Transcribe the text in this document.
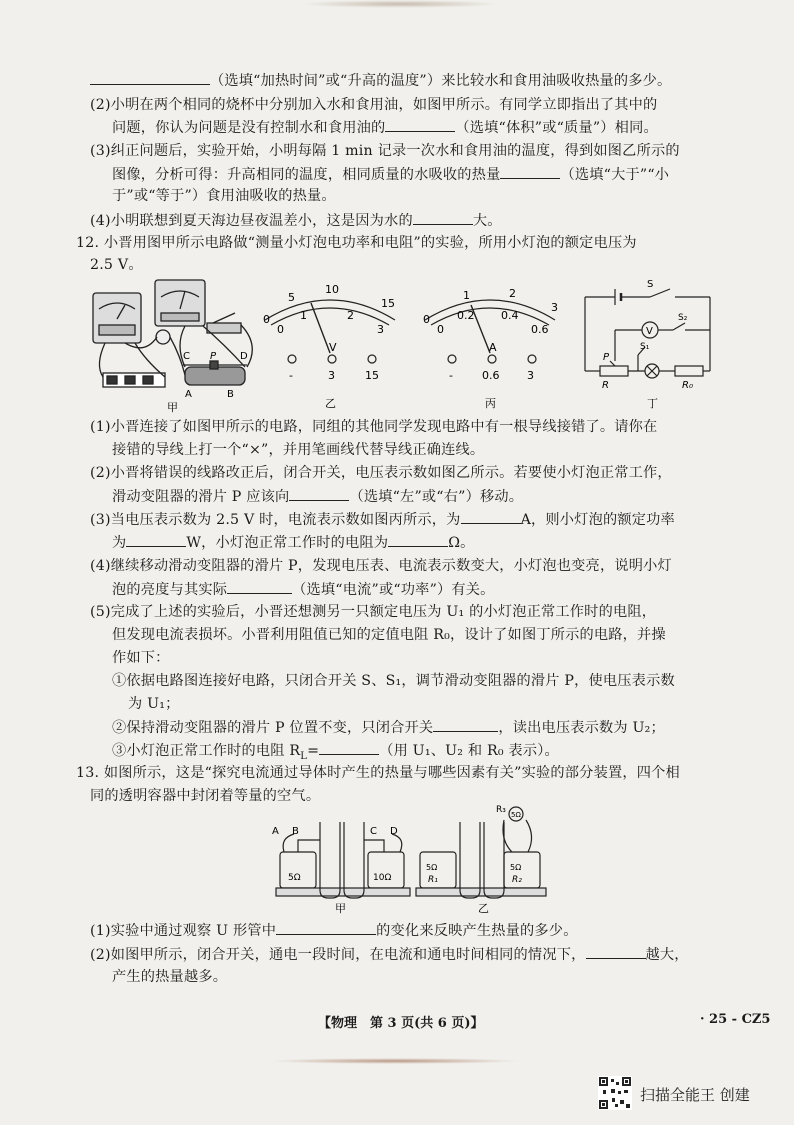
（选填“加热时间”或“升高的温度”）来比较水和食用油吸收热量的多少。
(2)小明在两个相同的烧杯中分别加入水和食用油，如图甲所示。有同学立即指出了其中的
问题，你认为问题是没有控制水和食用油的	（选填“体积”或“质量”）相同。
(3)纠正问题后，实验开始，小明每隔 1 min 记录一次水和食用油的温度，得到如图乙所示的
图像，分析可得：升高相同的温度，相同质量的水吸收的热量	（选填“大于”“小
于”或“等于”）食用油吸收的热量。
(4)小明联想到夏天海边昼夜温差小，这是因为水的	大。
12. 小晋用图甲所示电路做“测量小灯泡电功率和电阻”的实验，所用小灯泡的额定电压为
2.5 V。
C P D
A	B
甲
0
5
10
15
0
1	2
3
V
-	3	15
乙
0
1	2
3
0
0.2 0.4
0.6
A
-	0.6	3
丙
S
V
S₂
S₁
P
R	R₀
丁
(1)小晋连接了如图甲所示的电路，同组的其他同学发现电路中有一根导线接错了。请你在
接错的导线上打一个“×”，并用笔画线代替导线正确连线。
(2)小晋将错误的线路改正后，闭合开关，电压表示数如图乙所示。若要使小灯泡正常工作，
滑动变阻器的滑片 P 应该向	（选填“左”或“右”）移动。
(3)当电压表示数为 2.5 V 时，电流表示数如图丙所示，为	A，则小灯泡的额定功率
为	W，小灯泡正常工作时的电阻为	Ω。
(4)继续移动滑动变阻器的滑片 P，发现电压表、电流表示数变大，小灯泡也变亮，说明小灯
泡的亮度与其实际	（选填“电流”或“功率”）有关。
(5)完成了上述的实验后，小晋还想测另一只额定电压为 U₁ 的小灯泡正常工作时的电阻，
但发现电流表损坏。小晋利用阻值已知的定值电阻 R₀，设计了如图丁所示的电路，并操
作如下：
①依据电路图连接好电路，只闭合开关 S、S₁，调节滑动变阻器的滑片 P，使电压表示数
为 U₁；
②保持滑动变阻器的滑片 P 位置不变，只闭合开关	，读出电压表示数为 U₂；
③小灯泡正常工作时的电阻 $R_L=$	（用 U₁、U₂ 和 R₀ 表示）。
13. 如图所示，这是“探究电流通过导体时产生的热量与哪些因素有关”实验的部分装置，四个相
同的透明容器中封闭着等量的空气。
A B	C D
5Ω	10Ω
甲
R₃ 5Ω
5Ω	5Ω
R₁	R₂
乙
(1)实验中通过观察 U 形管中	的变化来反映产生热量的多少。
(2)如图甲所示，闭合开关，通电一段时间，在电流和通电时间相同的情况下，	越大，
产生的热量越多。
【物理　第 3 页(共 6 页)】	· 25 - CZ5
扫描全能王 创建
